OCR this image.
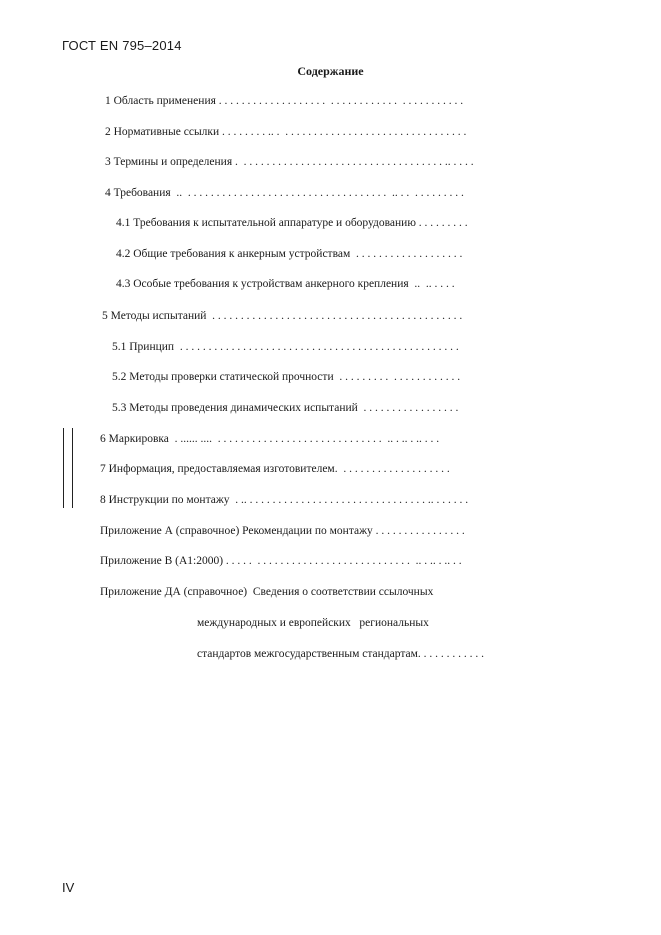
ГОСТ EN 795–2014
Содержание
1 Область применения . . . . . . . . . . . . . . . . . . .  . . . . . . . . . . . .  . . . . . . . . . . .
2 Нормативные ссылки . . . . . . . . .. .  . . . . . . . . . . . . . . . . . . . . . . . . . . . . . . . .
3 Термины и определения .  . . . . . . . . . . . . . . . . . . . . . . . . . . . . . . . . . . . .. . . . .
4 Требования  ..  . . . . . . . . . . . . . . . . . . . . . . . . . . . . . . . . . . .  .. . .  . . . . . . . . .
4.1 Требования к испытательной аппаратуре и оборудованию . . . . . . . . .
4.2 Общие требования к анкерным устройствам  . . . . . . . . . . . . . . . . . . .
4.3 Особые требования к устройствам анкерного крепления  ..  .. . . . .
5 Методы испытаний  . . . . . . . . . . . . . . . . . . . . . . . . . . . . . . . . . . . . . . . . . . . .
5.1 Принцип  . . . . . . . . . . . . . . . . . . . . . . . . . . . . . . . . . . . . . . . . . . . . . . . . .
5.2 Методы проверки статической прочности  . . . . . . . . .  . . . . . . . . . . . .
5.3 Методы проведения динамических испытаний  . . . . . . . . . . . . . . . . .
6 Маркировка  . ...... ....  . . . . . . . . . . . . . . . . . . . . . . . . . . . . .  .. . .. . .. . . .
7 Информация, предоставляемая изготовителем.  . . . . . . . . . . . . . . . . . . .
8 Инструкции по монтажу  . .. . . . . . . . . . . . . . . . . . . . . . . . . . . . . . . . .. . . . . . .
Приложение А (справочное) Рекомендации по монтажу . . . . . . . . . . . . . . . .
Приложение В (A1:2000) . . . . .  . . . . . . . . . . . . . . . . . . . . . . . . . . .  .. . .. . .. . .
Приложение ДА (справочное)  Сведения о соответствии ссылочных
международных и европейских   региональных
стандартов межгосударственным стандартам. . . . . . . . . . . .
IV
